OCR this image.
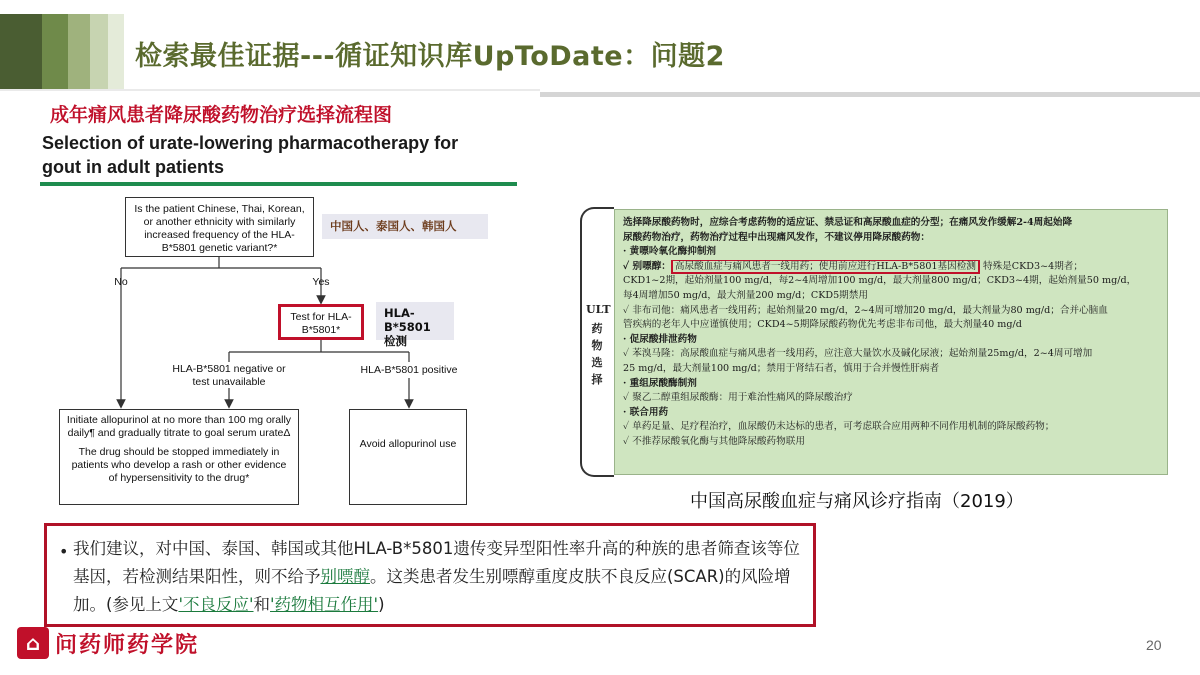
检索最佳证据---循证知识库UpToDate：问题2
成年痛风患者降尿酸药物治疗选择流程图
Selection of urate-lowering pharmacotherapy for
gout in adult patients
Is the patient Chinese, Thai, Korean, or another ethnicity with similarly increased frequency of the HLA-B*5801 genetic variant?*
No	Yes
中国人、泰国人、韩国人
Test for HLA-B*5801*
HLA-B*5801
检测
HLA-B*5801 negative or test unavailable
HLA-B*5801 positive
Initiate allopurinol at no more than 100 mg orally daily¶ and gradually titrate to goal serum urateΔ
The drug should be stopped immediately in patients who develop a rash or other evidence of hypersensitivity to the drug*
Avoid allopurinol use
ULT
药物选择
选择降尿酸药物时，应综合考虑药物的适应证、禁忌证和高尿酸血症的分型；在痛风发作缓解2-4周起始降
尿酸药物治疗，药物治疗过程中出现痛风发作，不建议停用降尿酸药物：
· 黄嘌呤氧化酶抑制剂
✓ 别嘌醇： 高尿酸血症与痛风患者一线用药；使用前应进行HLA-B*5801基因检测 特殊是CKD3~4期者；
CKD1~2期，起始剂量100 mg/d，每2~4周增加100 mg/d，最大剂量800 mg/d；CKD3~4期，起始剂量50 mg/d，
每4周增加50 mg/d，最大剂量200 mg/d；CKD5期禁用
✓ 非布司他：痛风患者一线用药；起始剂量20 mg/d，2~4周可增加20 mg/d，最大剂量为80 mg/d；合并心脑血
管疾病的老年人中应谨慎使用；CKD4~5期降尿酸药物优先考虑非布司他，最大剂量40 mg/d
· 促尿酸排泄药物
✓ 苯溴马隆：高尿酸血症与痛风患者一线用药，应注意大量饮水及碱化尿液；起始剂量25mg/d，2~4周可增加
25 mg/d，最大剂量100 mg/d；禁用于肾结石者，慎用于合并慢性肝病者
· 重组尿酸酶制剂
✓ 聚乙二醇重组尿酸酶：用于难治性痛风的降尿酸治疗
· 联合用药
✓ 单药足量、足疗程治疗，血尿酸仍未达标的患者，可考虑联合应用两种不同作用机制的降尿酸药物；
✓ 不推荐尿酸氧化酶与其他降尿酸药物联用
中国高尿酸血症与痛风诊疗指南（2019）
• 我们建议，对中国、泰国、韩国或其他HLA-B*5801遗传变异型阳性率升高的种族的患者筛查该等位基因，若检测结果阳性，则不给予别嘌醇。这类患者发生别嘌醇重度皮肤不良反应(SCAR)的风险增加。(参见上文'不良反应'和'药物相互作用')
⌂ 问药师药学院	20
